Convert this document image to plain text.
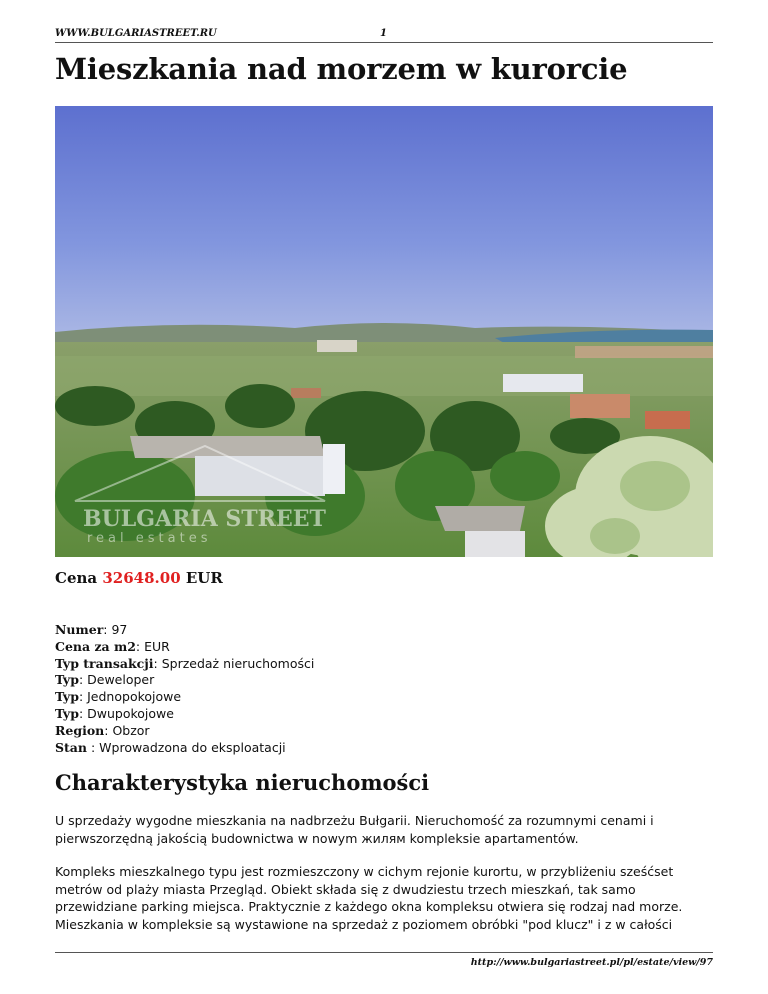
WWW.BULGARIASTREET.RU	1
Mieszkania nad morzem w kurorcie
BULGARIA STREET
real estates

Cena 32648.00 EUR

Numer: 97
Cena za m2: EUR
Typ transakcji: Sprzedaż nieruchomości
Typ: Deweloper
Typ: Jednopokojowe
Typ: Dwupokojowe
Region: Obzor
Stan : Wprowadzona do eksploatacji
Charakterystyka nieruchomości

U sprzedaży wygodne mieszkania na nadbrzeżu Bułgarii. Nieruchomość za rozumnymi cenami i pierwszorzędną jakością budownictwa w nowym жилям kompleksie apartamentów.

Kompleks mieszkalnego typu jest rozmieszczony w cichym rejonie kurortu, w przybliżeniu sześćset metrów od plaży miasta Przegląd. Obiekt składa się z dwudziestu trzech mieszkań, tak samo przewidziane parking miejsca. Praktycznie z każdego okna kompleksu otwiera się rodzaj nad morze. Mieszkania w kompleksie są wystawione na sprzedaż z poziomem obróbki "pod klucz" i z w całości

http://www.bulgariastreet.pl/pl/estate/view/97
